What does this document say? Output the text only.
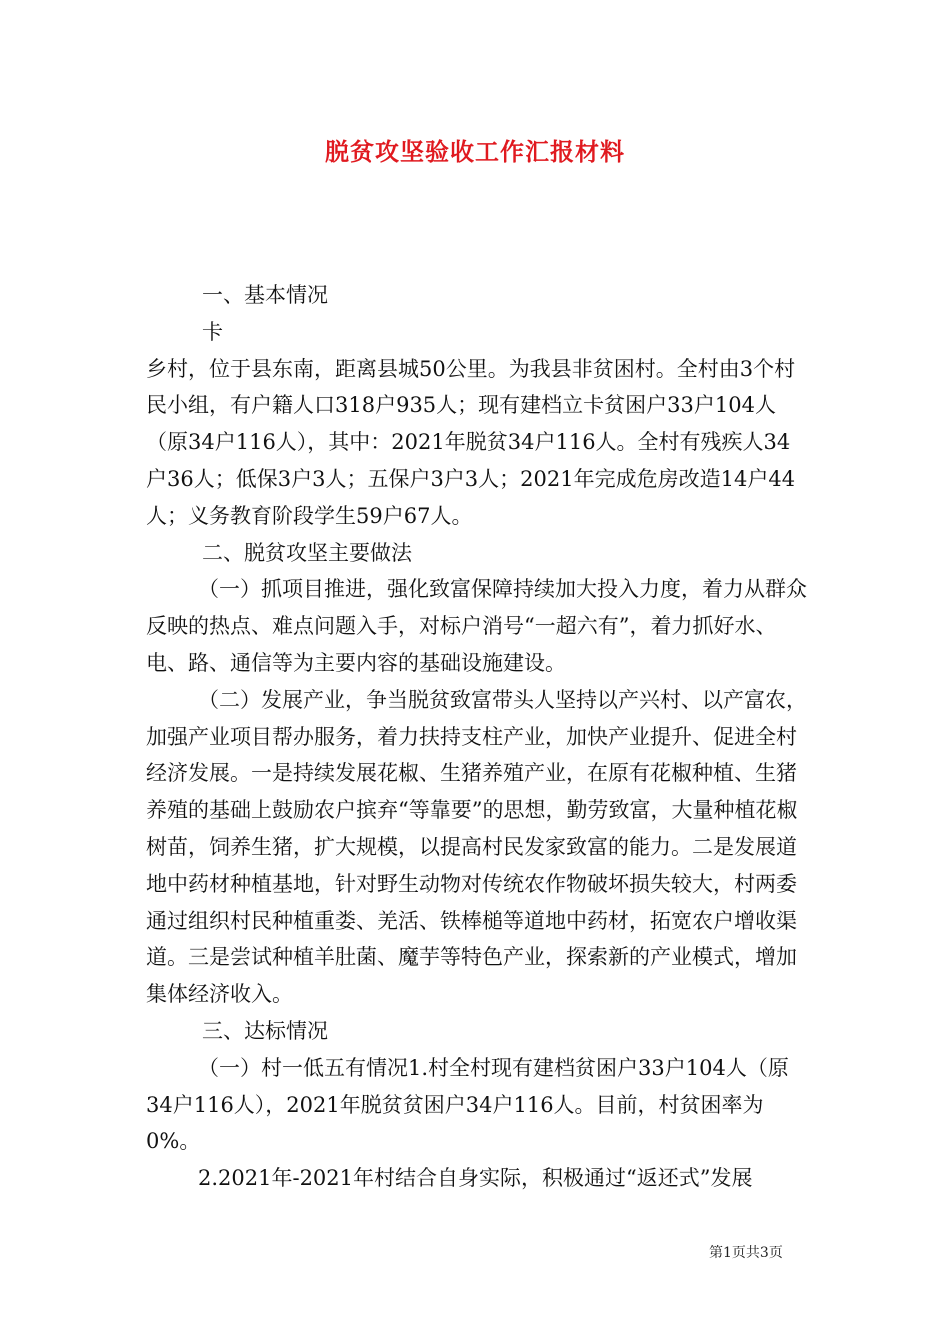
脱贫攻坚验收工作汇报材料

一、基本情况

卡

乡村，位于县东南，距离县城50公里。为我县非贫困村。全村由3个村民小组，有户籍人口318户935人；现有建档立卡贫困户33户104人（原34户116人），其中：2021年脱贫34户116人。全村有残疾人34户36人；低保3户3人；五保户3户3人；2021年完成危房改造14户44人；义务教育阶段学生59户67人。

二、脱贫攻坚主要做法

（一）抓项目推进，强化致富保障持续加大投入力度，着力从群众反映的热点、难点问题入手，对标户消号“一超六有”，着力抓好水、电、路、通信等为主要内容的基础设施建设。

（二）发展产业，争当脱贫致富带头人坚持以产兴村、以产富农，加强产业项目帮办服务，着力扶持支柱产业，加快产业提升、促进全村经济发展。一是持续发展花椒、生猪养殖产业，在原有花椒种植、生猪养殖的基础上鼓励农户摈弃“等靠要”的思想，勤劳致富，大量种植花椒树苗，饲养生猪，扩大规模，以提高村民发家致富的能力。二是发展道地中药材种植基地，针对野生动物对传统农作物破坏损失较大，村两委通过组织村民种植重娄、羌活、铁棒槌等道地中药材，拓宽农户增收渠道。三是尝试种植羊肚菌、魔芋等特色产业，探索新的产业模式，增加集体经济收入。

三、达标情况

（一）村一低五有情况1.村全村现有建档贫困户33户104人（原34户116人），2021年脱贫贫困户34户116人。目前，村贫困率为0%。

2.2021年-2021年村结合自身实际，积极通过“返还式”发展

第1页共3页
